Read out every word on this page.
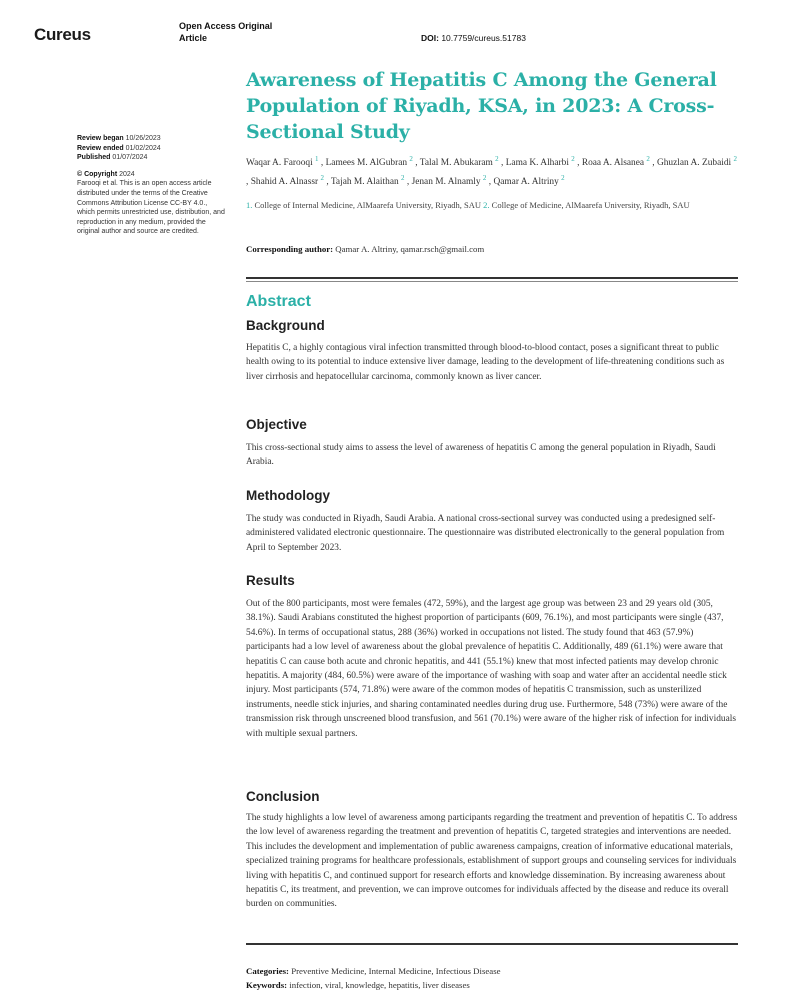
Cureus	Open Access Original
Article	DOI: 10.7759/cureus.51783
Review began 10/26/2023
Review ended 01/02/2024
Published 01/07/2024
© Copyright 2024
Farooqi et al. This is an open access article distributed under the terms of the Creative Commons Attribution License CC-BY 4.0., which permits unrestricted use, distribution, and reproduction in any medium, provided the original author and source are credited.
Awareness of Hepatitis C Among the General Population of Riyadh, KSA, in 2023: A Cross-Sectional Study
Waqar A. Farooqi $^1$ , Lamees M. AlGubran $^2$ , Talal M. Abukaram $^2$ , Lama K. Alharbi $^2$ , Roaa A. Alsanea $^2$ , Ghuzlan A. Zubaidi $^2$ , Shahid A. Alnassr $^2$ , Tajah M. Alaithan $^2$ , Jenan M. Alnamly $^2$ , Qamar A. Altriny $^2$
1. College of Internal Medicine, AlMaarefa University, Riyadh, SAU 2. College of Medicine, AlMaarefa University, Riyadh, SAU
Corresponding author: Qamar A. Altriny, qamar.rsch@gmail.com
Abstract
Background

Hepatitis C, a highly contagious viral infection transmitted through blood-to-blood contact, poses a significant threat to public health owing to its potential to induce extensive liver damage, leading to the development of life-threatening conditions such as liver cirrhosis and hepatocellular carcinoma, commonly known as liver cancer.

Objective

This cross-sectional study aims to assess the level of awareness of hepatitis C among the general population in Riyadh, Saudi Arabia.

Methodology

The study was conducted in Riyadh, Saudi Arabia. A national cross-sectional survey was conducted using a predesigned self-administered validated electronic questionnaire. The questionnaire was distributed electronically to the general population from April to September 2023.

Results

Out of the 800 participants, most were females (472, 59%), and the largest age group was between 23 and 29 years old (305, 38.1%). Saudi Arabians constituted the highest proportion of participants (609, 76.1%), and most participants were single (437, 54.6%). In terms of occupational status, 288 (36%) worked in occupations not listed. The study found that 463 (57.9%) participants had a low level of awareness about the global prevalence of hepatitis C. Additionally, 489 (61.1%) were aware that hepatitis C can cause both acute and chronic hepatitis, and 441 (55.1%) knew that most infected patients may develop chronic hepatitis. A majority (484, 60.5%) were aware of the importance of washing with soap and water after an accidental needle stick injury. Most participants (574, 71.8%) were aware of the common modes of hepatitis C transmission, such as unsterilized instruments, needle stick injuries, and sharing contaminated needles during drug use. Furthermore, 548 (73%) were aware of the transmission risk through unscreened blood transfusion, and 561 (70.1%) were aware of the higher risk of infection for individuals with multiple sexual partners.

Conclusion

The study highlights a low level of awareness among participants regarding the treatment and prevention of hepatitis C. To address the low level of awareness regarding the treatment and prevention of hepatitis C, targeted strategies and interventions are needed. This includes the development and implementation of public awareness campaigns, creation of informative educational materials, specialized training programs for healthcare professionals, establishment of support groups and counseling services for individuals living with hepatitis C, and continued support for research efforts and knowledge dissemination. By increasing awareness about hepatitis C, its treatment, and prevention, we can improve outcomes for individuals affected by the disease and reduce its overall burden on communities.

Categories: Preventive Medicine, Internal Medicine, Infectious Disease
Keywords: infection, viral, knowledge, hepatitis, liver diseases
